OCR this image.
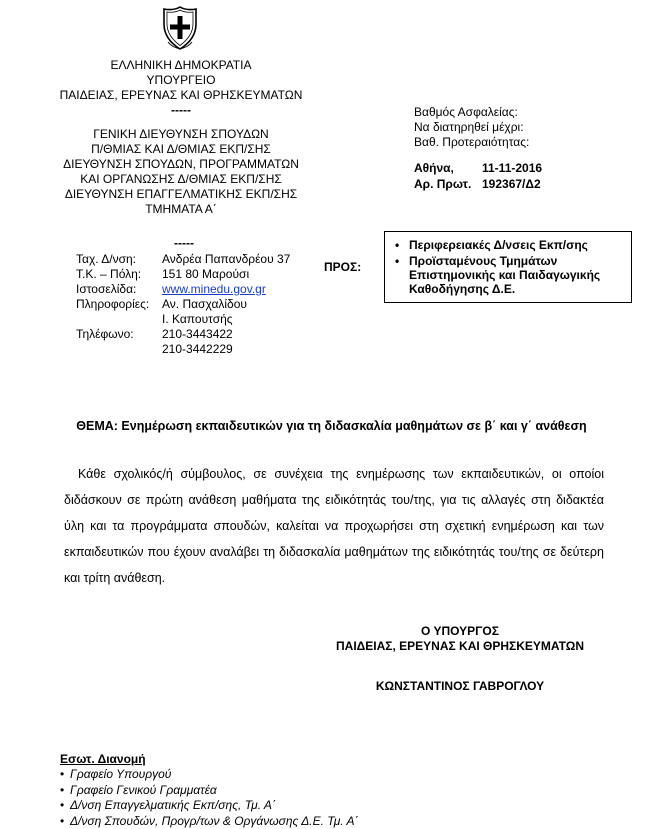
ΕΛΛΗΝΙΚΗ ΔΗΜΟΚΡΑΤΙΑ
ΥΠΟΥΡΓΕΙΟ
ΠΑΙΔΕΙΑΣ, ΕΡΕΥΝΑΣ ΚΑΙ ΘΡΗΣΚΕΥΜΑΤΩΝ
-----
ΓΕΝΙΚΗ ΔΙΕΥΘΥΝΣΗ ΣΠΟΥΔΩΝ
Π/ΘΜΙΑΣ ΚΑΙ Δ/ΘΜΙΑΣ ΕΚΠ/ΣΗΣ
ΔΙΕΥΘΥΝΣΗ ΣΠΟΥΔΩΝ, ΠΡΟΓΡΑΜΜΑΤΩΝ
ΚΑΙ ΟΡΓΑΝΩΣΗΣ Δ/ΘΜΙΑΣ ΕΚΠ/ΣΗΣ
ΔΙΕΥΘΥΝΣΗ ΕΠΑΓΓΕΛΜΑΤΙΚΗΣ ΕΚΠ/ΣΗΣ
ΤΜΗΜΑΤΑ Α΄
Βαθμός Ασφαλείας:
Να διατηρηθεί μέχρι:
Βαθ. Προτεραιότητας:
Αθήνα,	11-11-2016
Αρ. Πρωτ. 192367/Δ2
-----
Ταχ. Δ/νση:	Ανδρέα Παπανδρέου 37
Τ.Κ. – Πόλη:	151 80 Μαρούσι
Ιστοσελίδα:	www.minedu.gov.gr
Πληροφορίες:	Αν. Πασχαλίδου
Ι. Καπουτσής
Τηλέφωνο:	210-3443422
210-3442229
ΠΡΟΣ:
• Περιφερειακές Δ/νσεις Εκπ/σης
• Προϊσταμένους Τμημάτων Επιστημονικής και Παιδαγωγικής Καθοδήγησης Δ.Ε.
ΘΕΜΑ: Ενημέρωση εκπαιδευτικών για τη διδασκαλία μαθημάτων σε β΄ και γ΄ ανάθεση
Κάθε σχολικός/ή σύμβουλος, σε συνέχεια της ενημέρωσης των εκπαιδευτικών, οι οποίοι διδάσκουν σε πρώτη ανάθεση μαθήματα της ειδικότητάς του/της, για τις αλλαγές στη διδακτέα ύλη και τα προγράμματα σπουδών, καλείται να προχωρήσει στη σχετική ενημέρωση και των εκπαιδευτικών που έχουν αναλάβει τη διδασκαλία μαθημάτων της ειδικότητάς του/της σε δεύτερη και τρίτη ανάθεση.
Ο ΥΠΟΥΡΓΟΣ
ΠΑΙΔΕΙΑΣ, ΕΡΕΥΝΑΣ ΚΑΙ ΘΡΗΣΚΕΥΜΑΤΩΝ
ΚΩΝΣΤΑΝΤΙΝΟΣ ΓΑΒΡΟΓΛΟΥ
Εσωτ. Διανομή
• Γραφείο Υπουργού
• Γραφείο Γενικού Γραμματέα
• Δ/νση Επαγγελματικής Εκπ/σης, Τμ. Α΄
• Δ/νση Σπουδών, Προγρ/των & Οργάνωσης Δ.Ε. Τμ. Α΄
